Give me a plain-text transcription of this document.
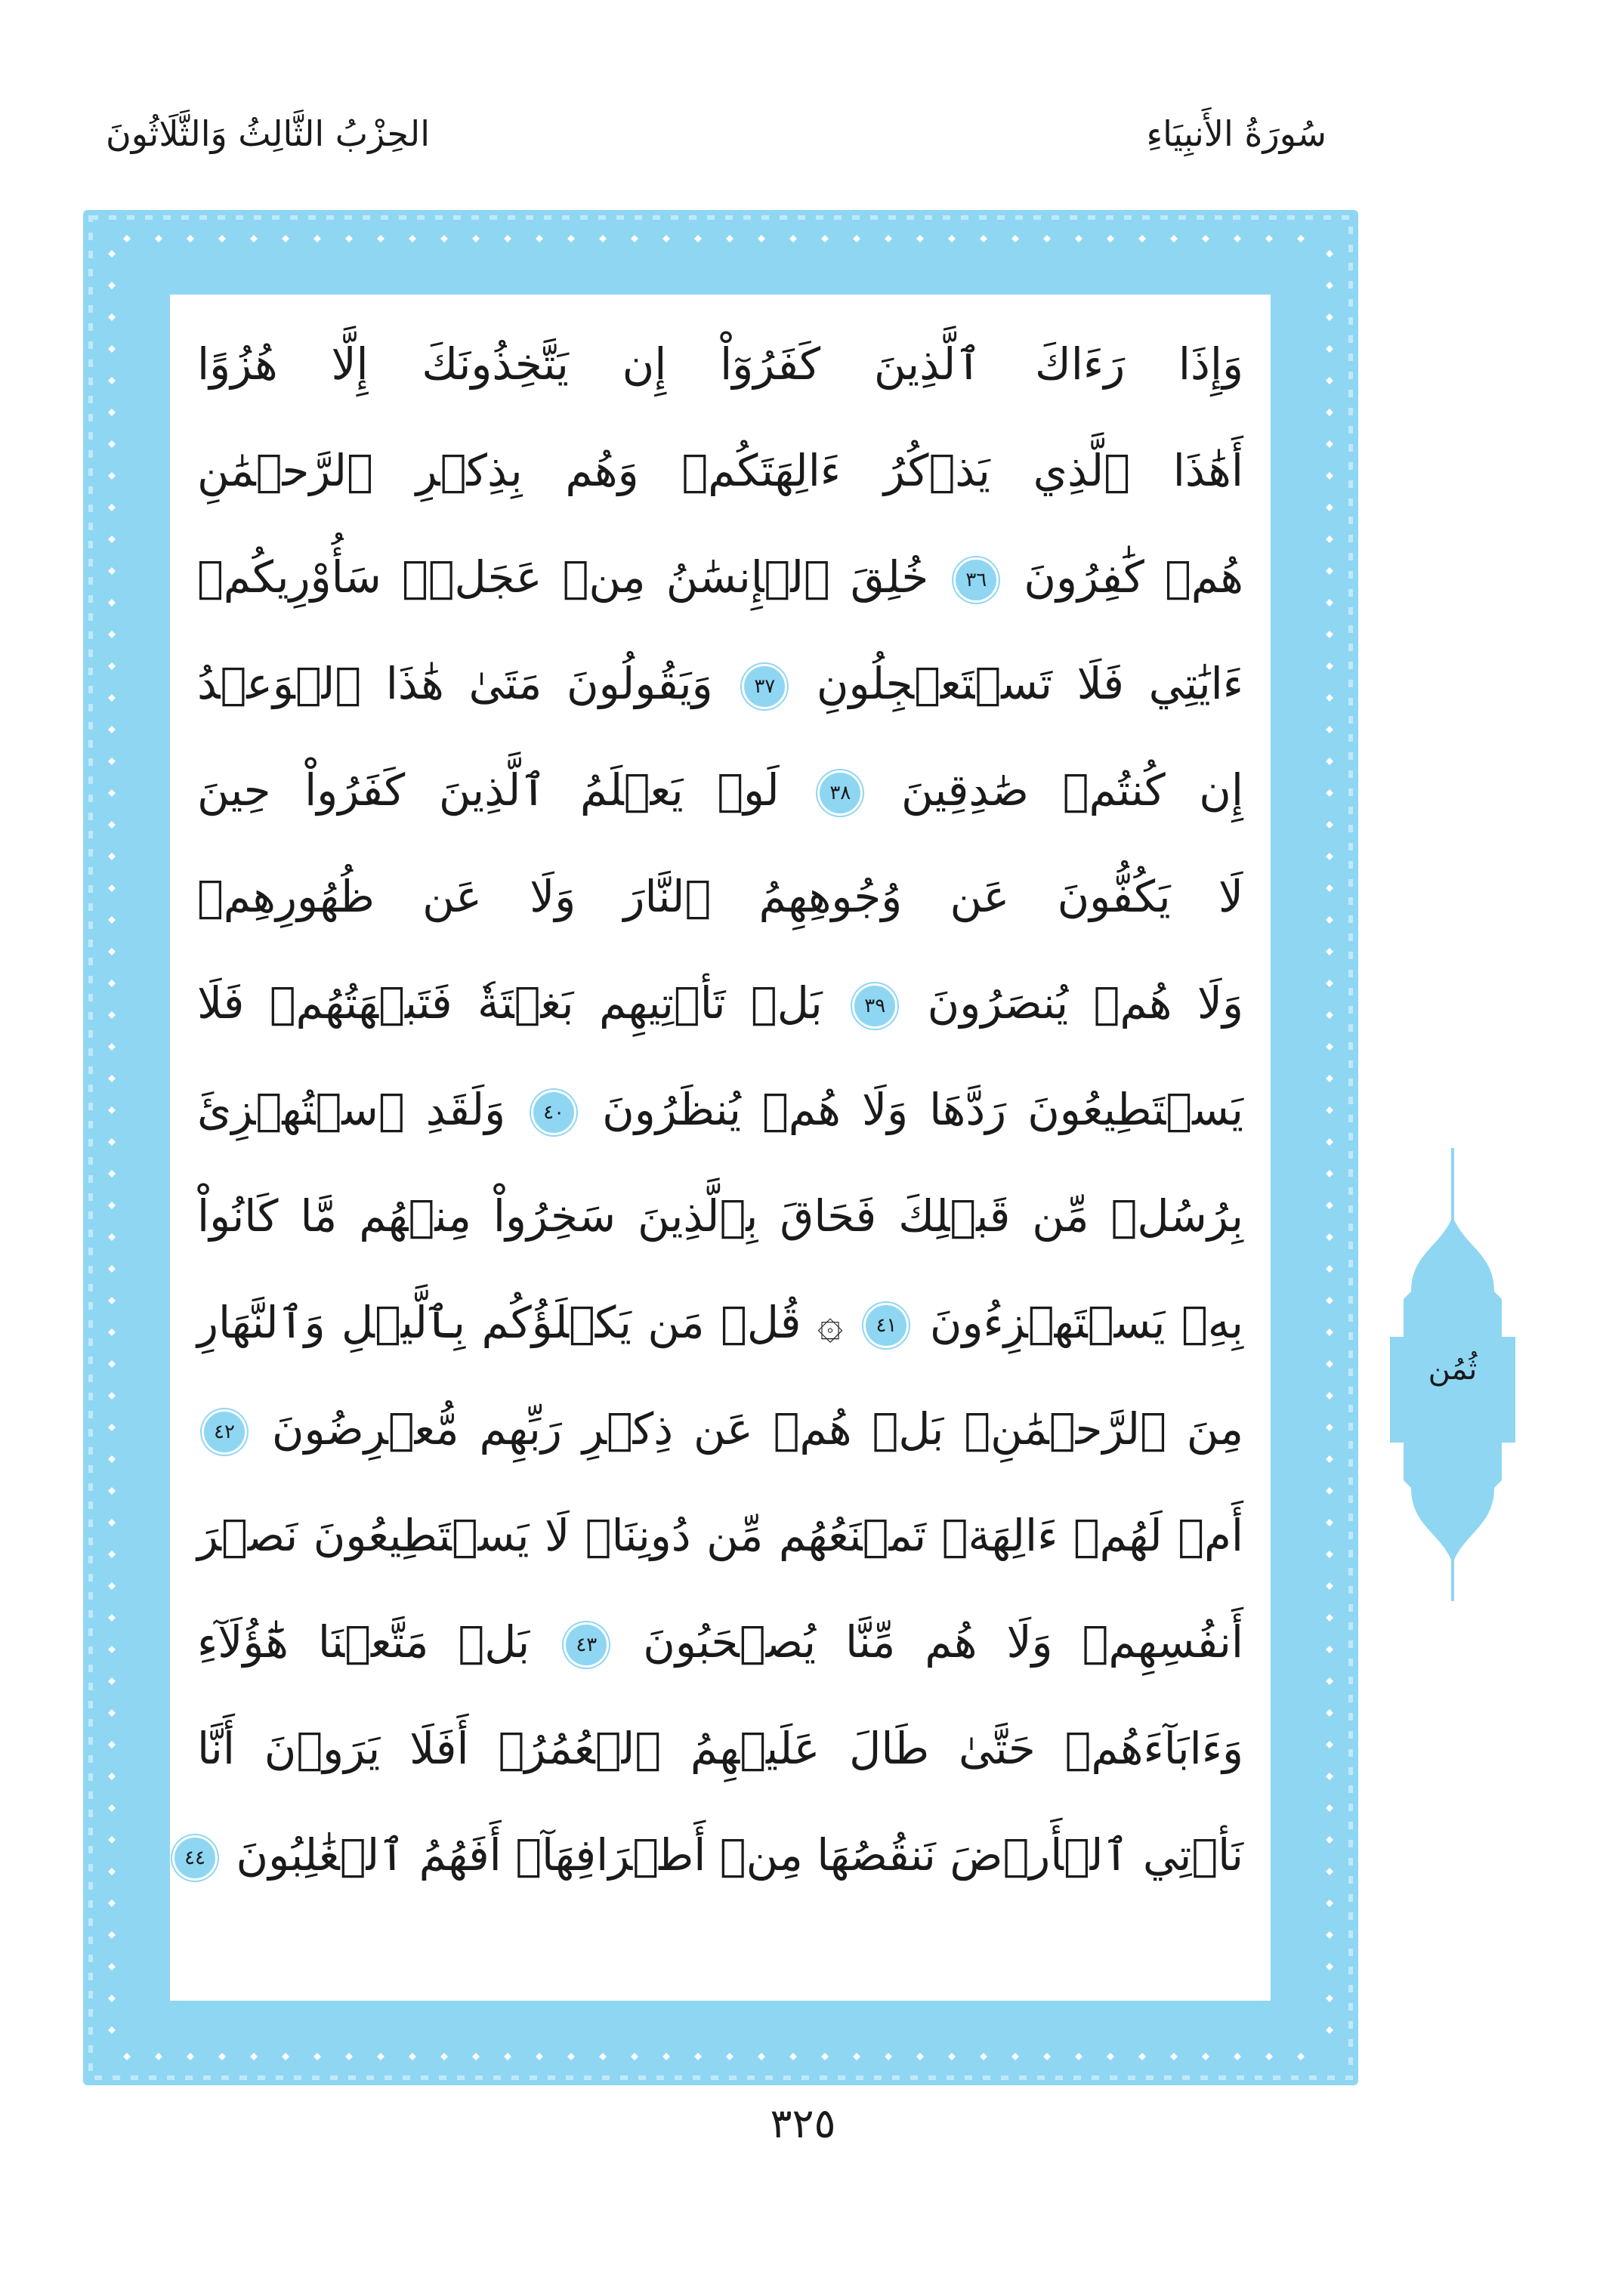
سُورَةُ الأَنبِيَاءِ
الحِزْبُ الثَّالِثُ وَالثَّلَاثُونَ
وَإِذَا رَءَاكَ ٱلَّذِينَ كَفَرُوٓاْ إِن يَتَّخِذُونَكَ إِلَّا هُزُوًا
أَهَٰذَا ٱلَّذِي يَذۡكُرُ ءَالِهَتَكُمۡ وَهُم بِذِكۡرِ ٱلرَّحۡمَٰنِ
هُمۡ كَٰفِرُونَ ٣٦ خُلِقَ ٱلۡإِنسَٰنُ مِنۡ عَجَلٖۚ سَأُوْرِيكُمۡ
ءَايَٰتِي فَلَا تَسۡتَعۡجِلُونِ ٣٧ وَيَقُولُونَ مَتَىٰ هَٰذَا ٱلۡوَعۡدُ
إِن كُنتُمۡ صَٰدِقِينَ ٣٨ لَوۡ يَعۡلَمُ ٱلَّذِينَ كَفَرُواْ حِينَ
لَا يَكُفُّونَ عَن وُجُوهِهِمُ ٱلنَّارَ وَلَا عَن ظُهُورِهِمۡ
وَلَا هُمۡ يُنصَرُونَ ٣٩ بَلۡ تَأۡتِيهِم بَغۡتَةٗ فَتَبۡهَتُهُمۡ فَلَا
يَسۡتَطِيعُونَ رَدَّهَا وَلَا هُمۡ يُنظَرُونَ ٤٠ وَلَقَدِ ٱسۡتُهۡزِئَ
بِرُسُلٖ مِّن قَبۡلِكَ فَحَاقَ بِٱلَّذِينَ سَخِرُواْ مِنۡهُم مَّا كَانُواْ
بِهِۦ يَسۡتَهۡزِءُونَ ٤١ ۞ قُلۡ مَن يَكۡلَؤُكُم بِٱلَّيۡلِ وَٱلنَّهَارِ
مِنَ ٱلرَّحۡمَٰنِۚ بَلۡ هُمۡ عَن ذِكۡرِ رَبِّهِم مُّعۡرِضُونَ ٤٢
أَمۡ لَهُمۡ ءَالِهَةٞ تَمۡنَعُهُم مِّن دُونِنَاۚ لَا يَسۡتَطِيعُونَ نَصۡرَ
أَنفُسِهِمۡ وَلَا هُم مِّنَّا يُصۡحَبُونَ ٤٣ بَلۡ مَتَّعۡنَا هَٰٓؤُلَآءِ
وَءَابَآءَهُمۡ حَتَّىٰ طَالَ عَلَيۡهِمُ ٱلۡعُمُرُۗ أَفَلَا يَرَوۡنَ أَنَّا
نَأۡتِي ٱلۡأَرۡضَ نَنقُصُهَا مِنۡ أَطۡرَافِهَآۚ أَفَهُمُ ٱلۡغَٰلِبُونَ ٤٤
ثُمُن
٣٢٥
